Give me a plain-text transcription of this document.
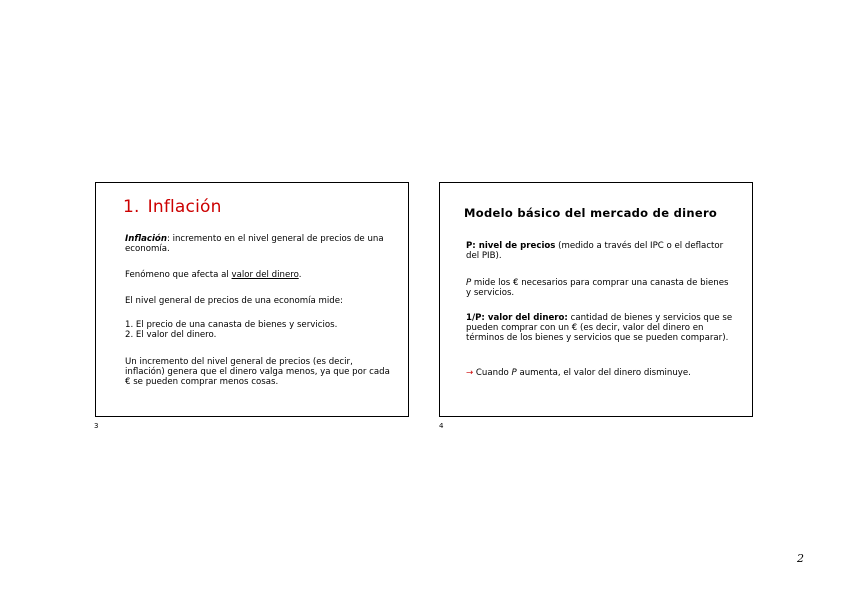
1. Inflación
Inflación: incremento en el nivel general de precios de una economía.
Fenómeno que afecta al valor del dinero.
El nivel general de precios de una economía mide:
1. El precio de una canasta de bienes y servicios.
2. El valor del dinero.
Un incremento del nivel general de precios (es decir, inflación) genera que el dinero valga menos, ya que por cada € se pueden comprar menos cosas.
3
Modelo básico del mercado de dinero
P: nivel de precios (medido a través del IPC o el deflactor del PIB).
P mide los € necesarios para comprar una canasta de bienes y servicios.
1/P: valor del dinero: cantidad de bienes y servicios que se pueden comprar con un € (es decir, valor del dinero en términos de los bienes y servicios que se pueden comparar).
→ Cuando P aumenta, el valor del dinero disminuye.
4
2
